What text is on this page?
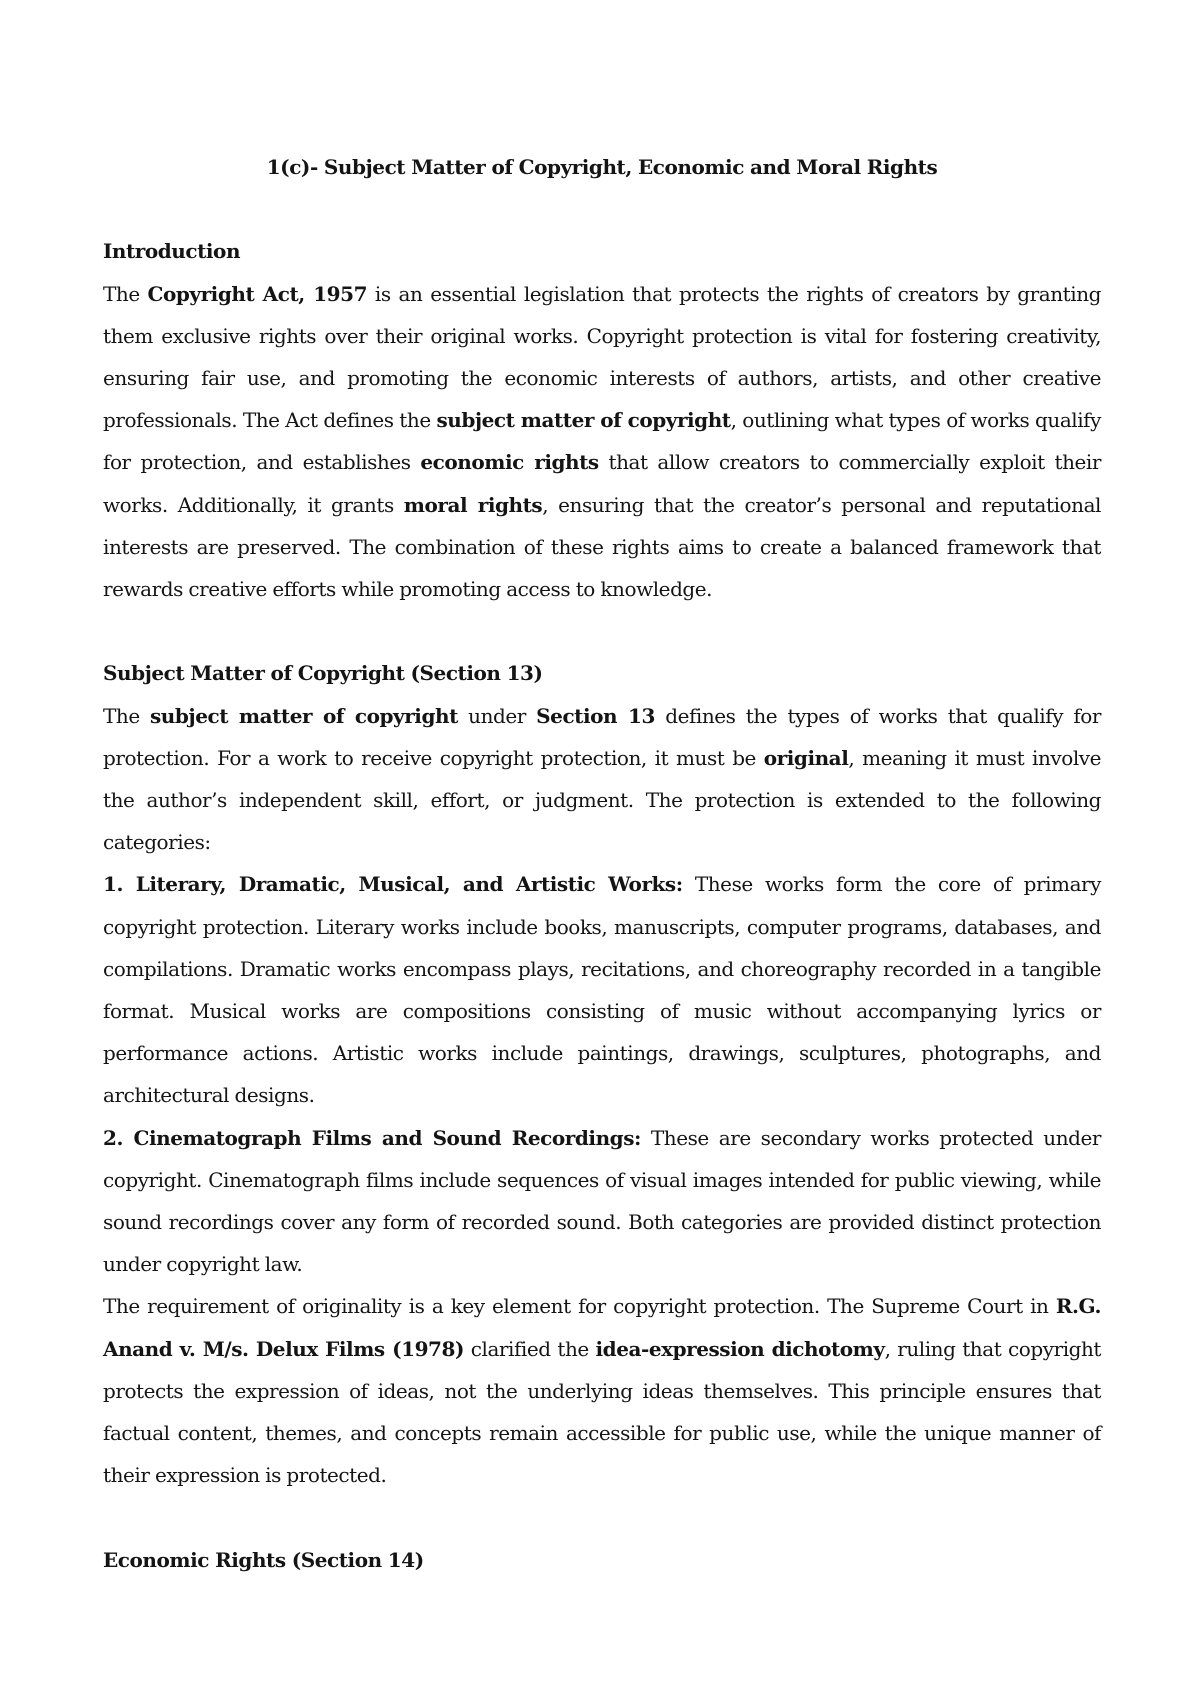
1(c)- Subject Matter of Copyright, Economic and Moral Rights

Introduction

The Copyright Act, 1957 is an essential legislation that protects the rights of creators by granting them exclusive rights over their original works. Copyright protection is vital for fostering creativity, ensuring fair use, and promoting the economic interests of authors, artists, and other creative professionals. The Act defines the subject matter of copyright, outlining what types of works qualify for protection, and establishes economic rights that allow creators to commercially exploit their works. Additionally, it grants moral rights, ensuring that the creator’s personal and reputational interests are preserved. The combination of these rights aims to create a balanced framework that rewards creative efforts while promoting access to knowledge.

Subject Matter of Copyright (Section 13)

The subject matter of copyright under Section 13 defines the types of works that qualify for protection. For a work to receive copyright protection, it must be original, meaning it must involve the author’s independent skill, effort, or judgment. The protection is extended to the following categories:

1. Literary, Dramatic, Musical, and Artistic Works: These works form the core of primary copyright protection. Literary works include books, manuscripts, computer programs, databases, and compilations. Dramatic works encompass plays, recitations, and choreography recorded in a tangible format. Musical works are compositions consisting of music without accompanying lyrics or performance actions. Artistic works include paintings, drawings, sculptures, photographs, and architectural designs.

2. Cinematograph Films and Sound Recordings: These are secondary works protected under copyright. Cinematograph films include sequences of visual images intended for public viewing, while sound recordings cover any form of recorded sound. Both categories are provided distinct protection under copyright law.

The requirement of originality is a key element for copyright protection. The Supreme Court in R.G. Anand v. M/s. Delux Films (1978) clarified the idea-expression dichotomy, ruling that copyright protects the expression of ideas, not the underlying ideas themselves. This principle ensures that factual content, themes, and concepts remain accessible for public use, while the unique manner of their expression is protected.

Economic Rights (Section 14)
